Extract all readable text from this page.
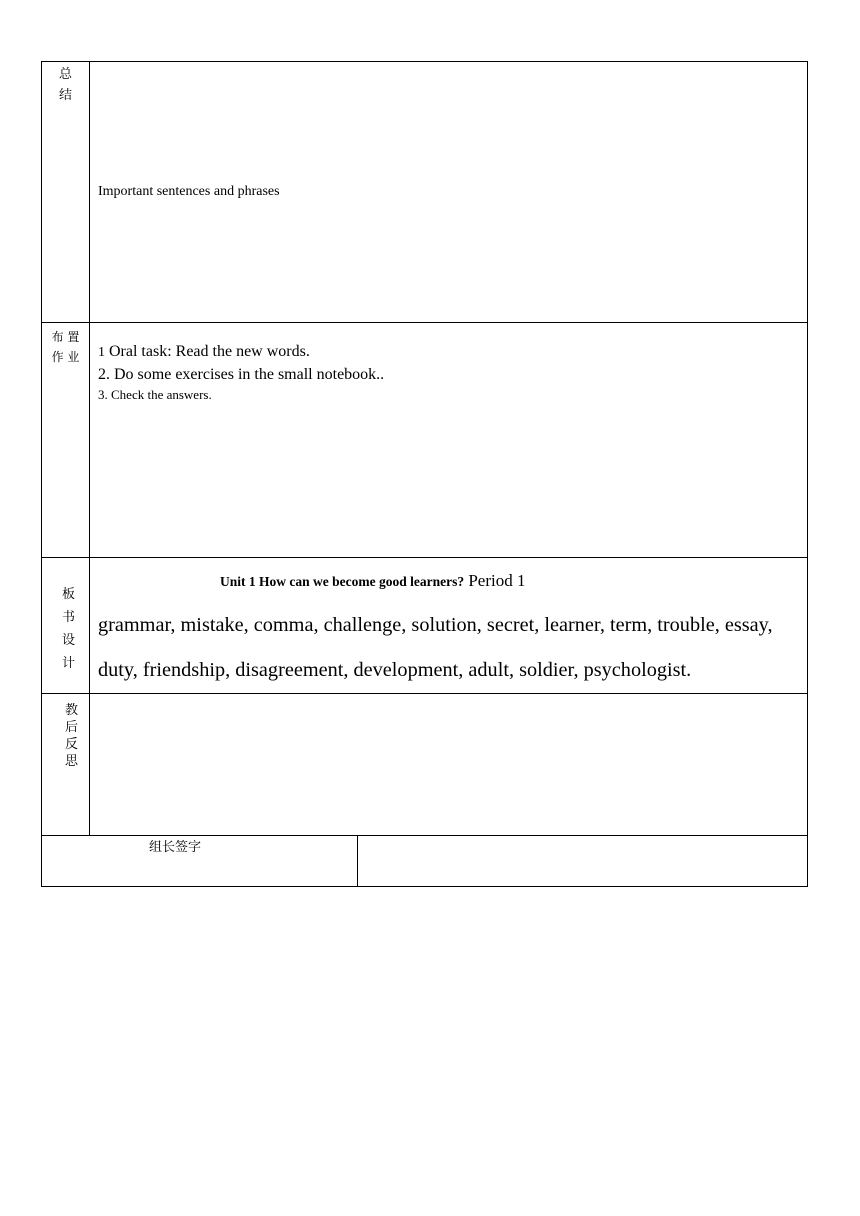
总
结
Important sentences and phrases
布 置
作 业	1 Oral task: Read the new words.
2. Do some exercises in the small notebook..
3. Check the answers.
板
书
设
计
Unit 1 How can we become good learners? Period 1
grammar, mistake, comma, challenge, solution, secret, learner, term, trouble, essay,
duty, friendship, disagreement, development, adult, soldier, psychologist.
教
后
反
思
组长签字
